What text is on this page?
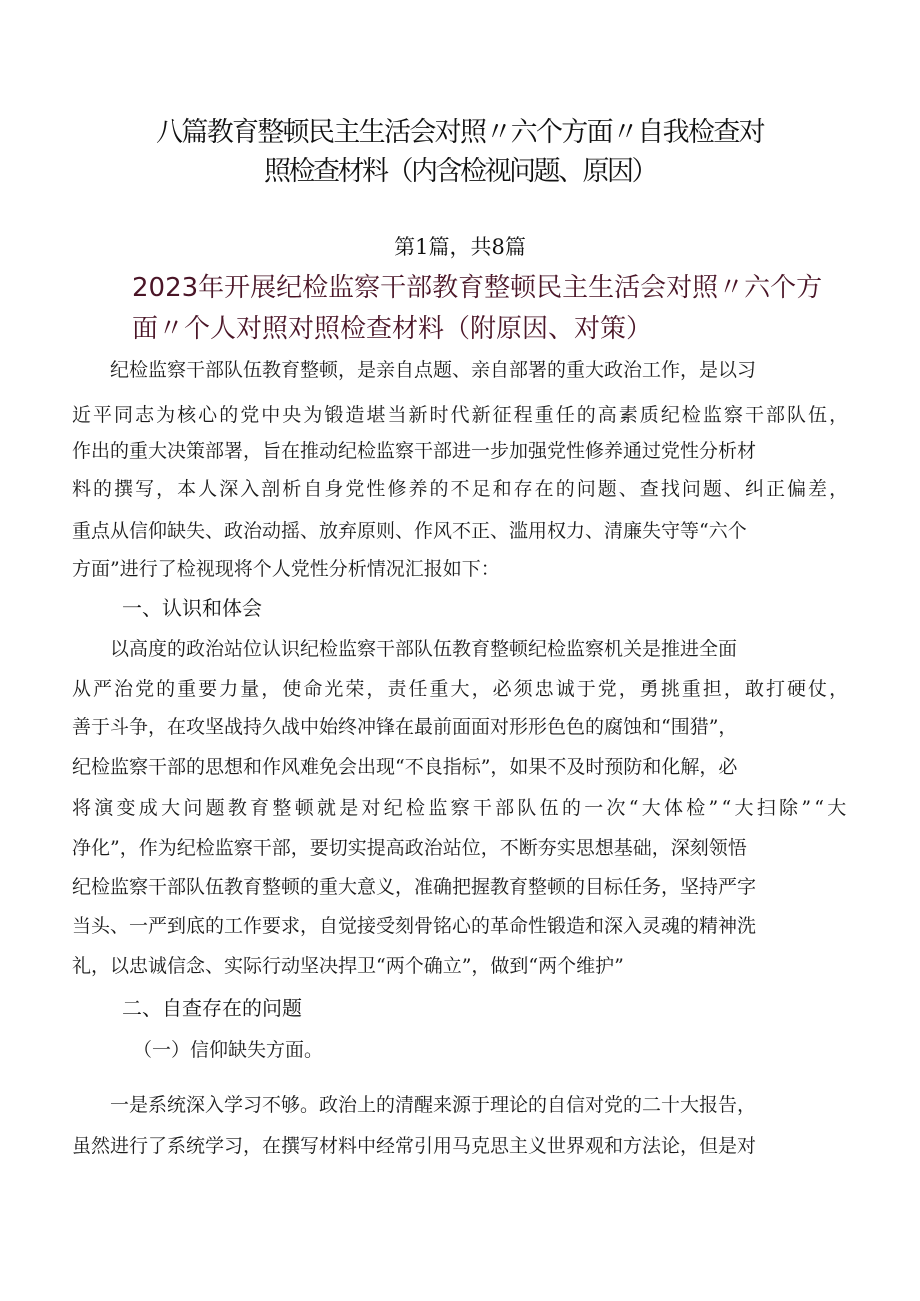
八篇教育整顿民主生活会对照〃六个方面〃自我检查对
照检查材料（内含检视问题、原因）
第1篇，共8篇
2023年开展纪检监察干部教育整顿民主生活会对照〃六个方
面〃个人对照对照检查材料（附原因、对策）
　　纪检监察干部队伍教育整顿，是亲自点题、亲自部署的重大政治工作，是以习
近平同志为核心的党中央为锻造堪当新时代新征程重任的高素质纪检监察干部队伍，
作出的重大决策部署，旨在推动纪检监察干部进一步加强党性修养通过党性分析材
料的撰写，本人深入剖析自身党性修养的不足和存在的问题、查找问题、纠正偏差，
重点从信仰缺失、政治动摇、放弃原则、作风不正、滥用权力、清廉失守等“六个
方面”进行了检视现将个人党性分析情况汇报如下：
一、认识和体会
　　以高度的政治站位认识纪检监察干部队伍教育整顿纪检监察机关是推进全面
从严治党的重要力量，使命光荣，责任重大，必须忠诚于党，勇挑重担，敢打硬仗，
善于斗争，在攻坚战持久战中始终冲锋在最前面面对形形色色的腐蚀和“围猎”，
纪检监察干部的思想和作风难免会出现“不良指标”，如果不及时预防和化解，必
将演变成大问题教育整顿就是对纪检监察干部队伍的一次“大体检”“大扫除”“大
净化”，作为纪检监察干部，要切实提高政治站位，不断夯实思想基础，深刻领悟
纪检监察干部队伍教育整顿的重大意义，准确把握教育整顿的目标任务，坚持严字
当头、一严到底的工作要求，自觉接受刻骨铭心的革命性锻造和深入灵魂的精神洗
礼，以忠诚信念、实际行动坚决捍卫“两个确立”，做到“两个维护”
二、自查存在的问题
（一）信仰缺失方面。
　　一是系统深入学习不够。政治上的清醒来源于理论的自信对党的二十大报告，
虽然进行了系统学习，在撰写材料中经常引用马克思主义世界观和方法论，但是对
